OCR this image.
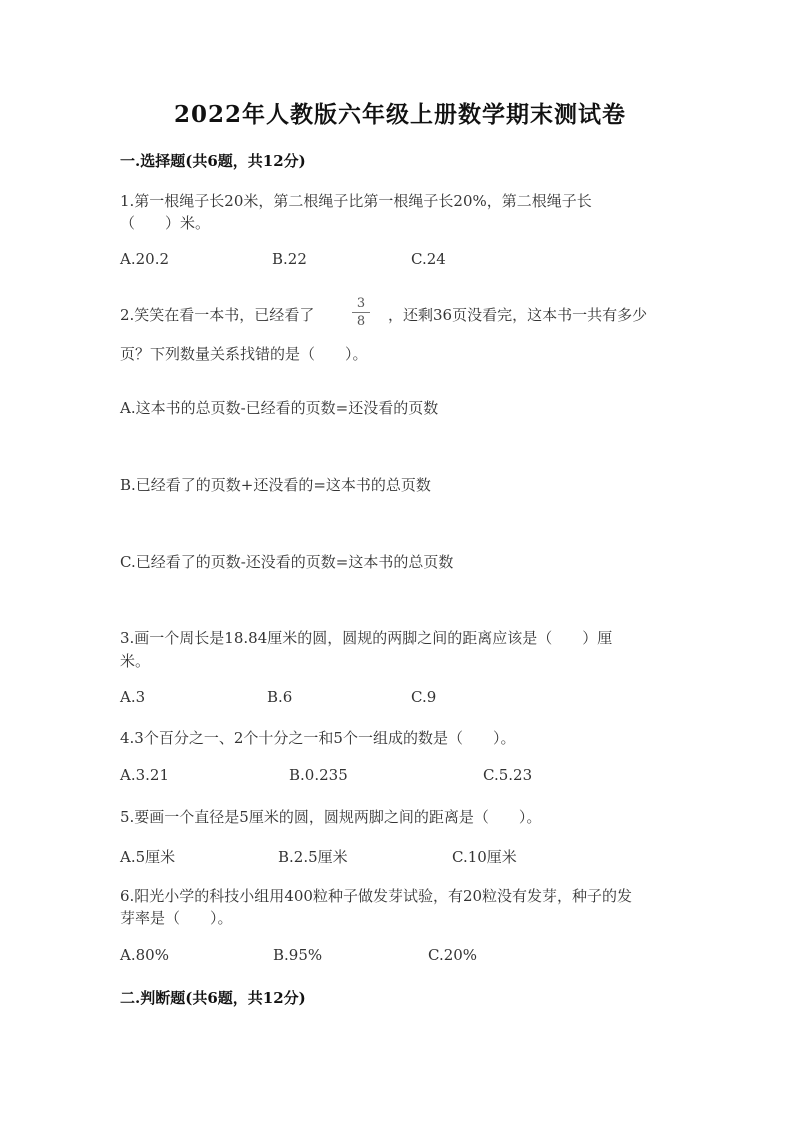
2022年人教版六年级上册数学期末测试卷
一.选择题(共6题，共12分)
1.第一根绳子长20米，第二根绳子比第一根绳子长20%，第二根绳子长
（　　）米。
A.20.2	B.22	C.24
2.笑笑在看一本书，已经看了
3
8	，还剩36页没看完，这本书一共有多少
页？下列数量关系找错的是（　　）。
A.这本书的总页数-已经看的页数=还没看的页数
B.已经看了的页数+还没看的=这本书的总页数
C.已经看了的页数-还没看的页数=这本书的总页数
3.画一个周长是18.84厘米的圆，圆规的两脚之间的距离应该是（　　）厘
米。
A.3	B.6	C.9
4.3个百分之一、2个十分之一和5个一组成的数是（　　）。
A.3.21	B.0.235	C.5.23
5.要画一个直径是5厘米的圆，圆规两脚之间的距离是（　　）。
A.5厘米	B.2.5厘米	C.10厘米
6.阳光小学的科技小组用400粒种子做发芽试验，有20粒没有发芽，种子的发
芽率是（　　）。
A.80%	B.95%	C.20%
二.判断题(共6题，共12分)
